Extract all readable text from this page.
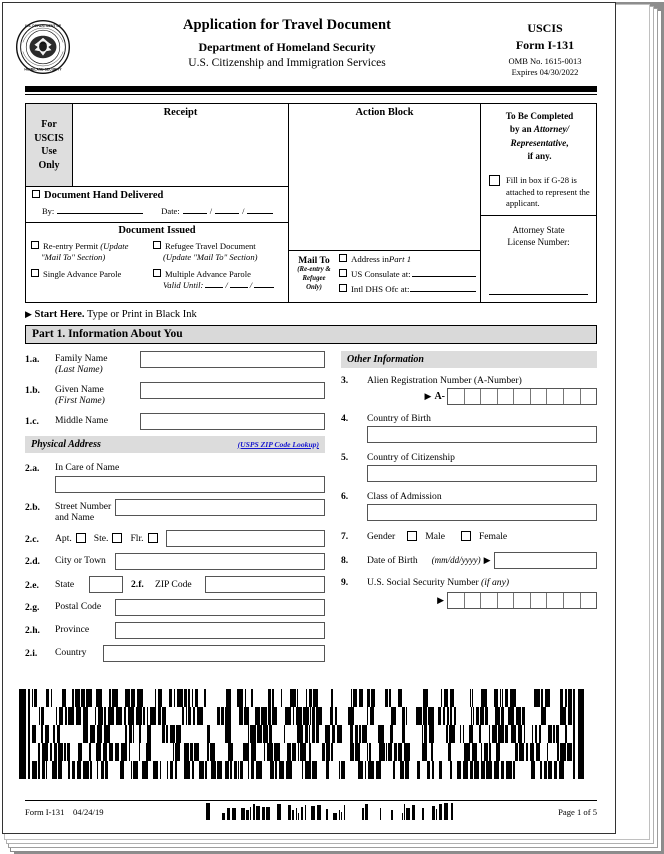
U.S. DEPARTMENT OF
HOMELAND SECURITY
Application for Travel Document
Department of Homeland Security
U.S. Citizenship and Immigration Services
USCIS
Form I-131
OMB No. 1615-0013
Expires 04/30/2022
For
USCIS
Use
Only
Receipt
Document Hand Delivered
By:	Date:	/	/
Document Issued
Re-entry Permit (Update
"Mail To" Section)
Single Advance Parole
Refugee Travel Document
(Update "Mail To" Section)
Multiple Advance Parole
Valid Until:	/	/
Action Block
Mail To
(Re-entry &
Refugee
Only)
Address in Part 1
US Consulate at:
Intl DHS Ofc at:
To Be Completed
by an Attorney/
Representative,
if any.
Fill in box if G-28 is attached to represent the applicant.
Attorney State
License Number:
▶ Start Here. Type or Print in Black Ink
Part 1. Information About You
1.a.	Family Name
(Last Name)
1.b.	Given Name
(First Name)
1.c.	Middle Name
Physical Address	(USPS ZIP Code Lookup)
2.a.	In Care of Name
2.b.	Street Number
and Name
2.c.	Apt. Ste. Flr.
2.d.	City or Town
2.e.	State	2.f.	ZIP Code
2.g.	Postal Code
2.h.	Province
2.i.	Country
Other Information
3.	Alien Registration Number (A-Number)
▶ A-
4.	Country of Birth
5.	Country of Citizenship
6.	Class of Admission
7.	Gender	Male	Female
8.	Date of Birth (mm/dd/yyyy) ▶
9.	U.S. Social Security Number (if any)
▶
Form I-131 04/24/19	Page 1 of 5
